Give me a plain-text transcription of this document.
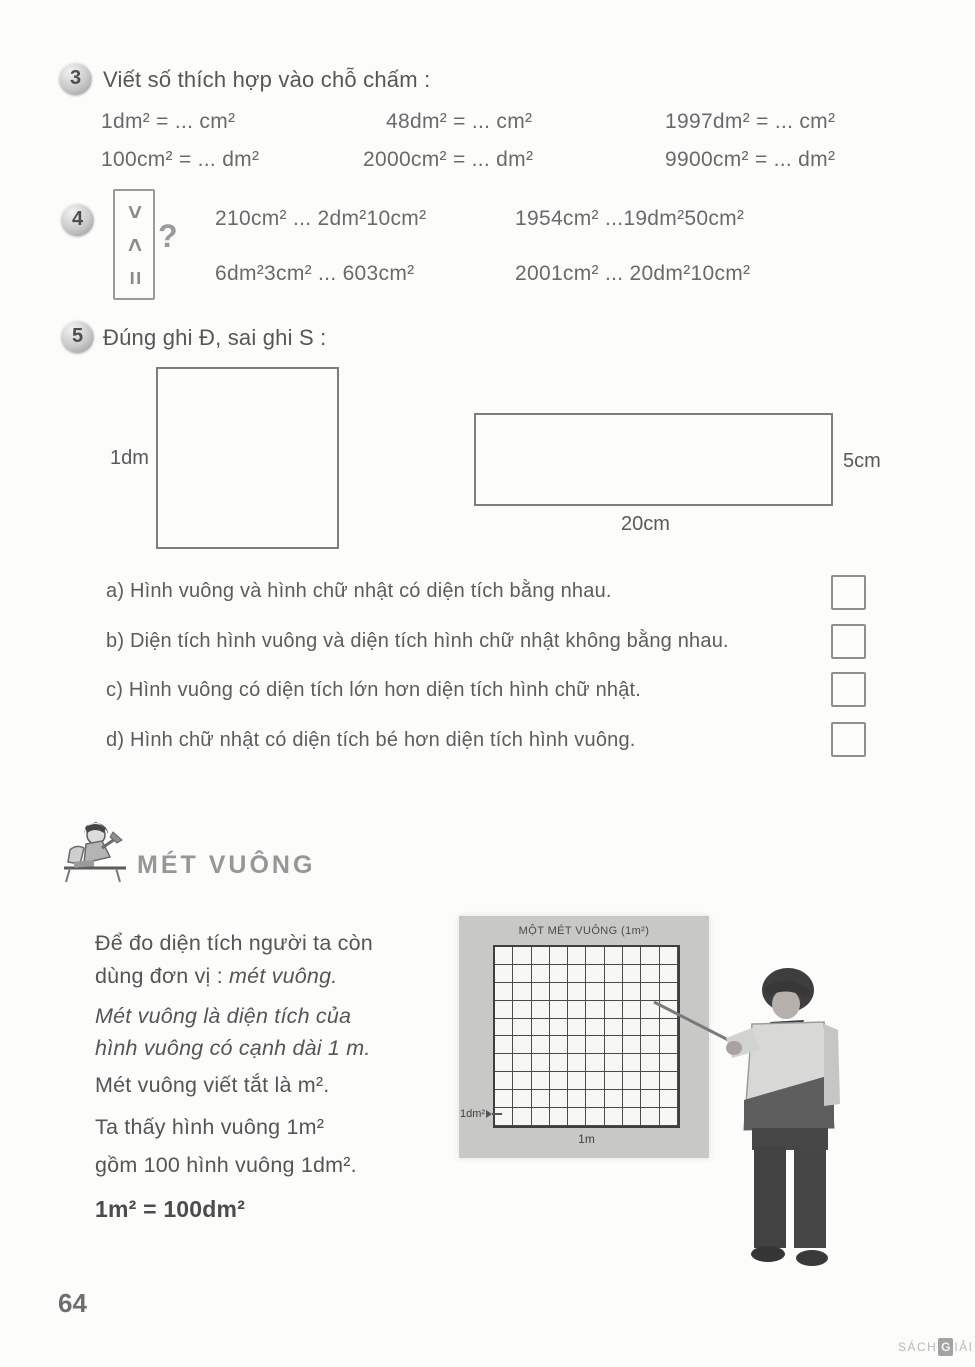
3 Viết số thích hợp vào chỗ chấm :
1dm² = ... cm²	48dm² = ... cm²	1997dm² = ... cm²
100cm² = ... dm²	2000cm² = ... dm²	9900cm² = ... dm²
4	>
<
=
? 210cm² ... 2dm²10cm²	1954cm² ...19dm²50cm²
6dm²3cm² ... 603cm²	2001cm² ... 20dm²10cm²
5 Đúng ghi Đ, sai ghi S :
1dm	5cm
20cm
a) Hình vuông và hình chữ nhật có diện tích bằng nhau.
b) Diện tích hình vuông và diện tích hình chữ nhật không bằng nhau.
c) Hình vuông có diện tích lớn hơn diện tích hình chữ nhật.
d) Hình chữ nhật có diện tích bé hơn diện tích hình vuông.
MÉT VUÔNG
Để đo diện tích người ta còn
dùng đơn vị : mét vuông.
Mét vuông là diện tích của
hình vuông có cạnh dài 1 m.
Mét vuông viết tắt là m².
Ta thấy hình vuông 1m²
gồm 100 hình vuông 1dm².
1m² = 100dm²
MỘT MÉT VUÔNG (1m²)
1dm²
1m
64
SÁCH G IẢI
